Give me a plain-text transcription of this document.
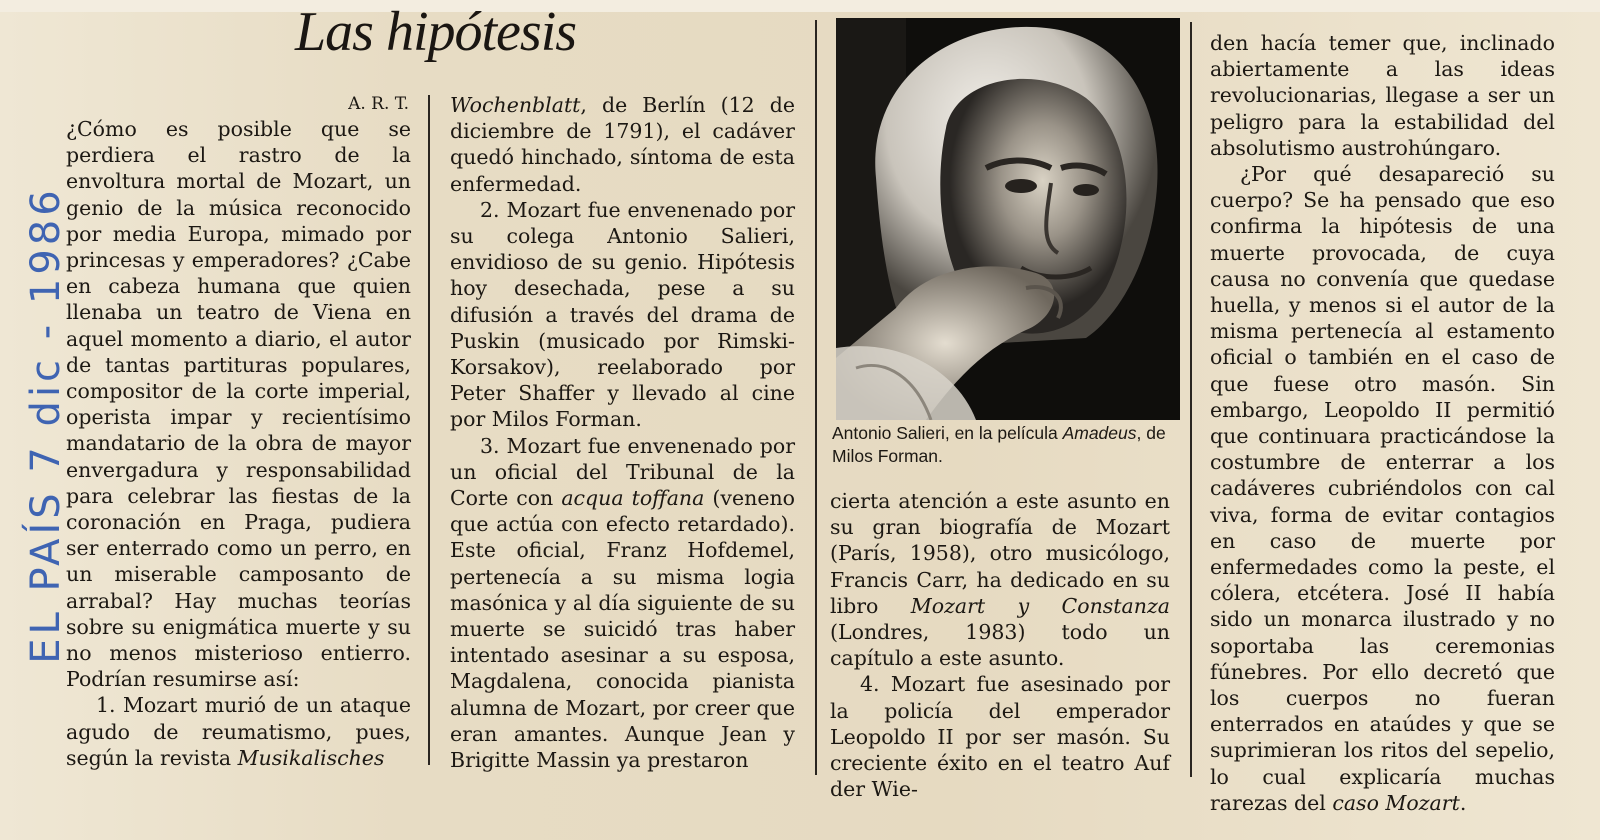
Las hipótesis
EL PAÍS 7 dic - 1986
A. R. T.

¿Cómo es posible que se perdiera el rastro de la envoltura mortal de Mozart, un genio de la música reconocido por media Europa, mimado por princesas y emperadores? ¿Cabe en cabeza humana que quien llenaba un teatro de Viena en aquel momento a diario, el autor de tantas partituras populares, compositor de la corte imperial, operista impar y recientísimo mandatario de la obra de mayor envergadura y responsabilidad para celebrar las fiestas de la coronación en Praga, pudiera ser enterrado como un perro, en un miserable camposanto de arrabal? Hay muchas teorías sobre su enigmática muerte y su no menos misterioso entierro. Podrían resumirse así:

1. Mozart murió de un ataque agudo de reumatismo, pues, según la revista Musikalisches

Wochenblatt, de Berlín (12 de diciembre de 1791), el cadáver quedó hinchado, síntoma de esta enfermedad.

2. Mozart fue envenenado por su colega Antonio Salieri, envidioso de su genio. Hipótesis hoy desechada, pese a su difusión a través del drama de Puskin (musicado por Rimski-Korsakov), reelaborado por Peter Shaffer y llevado al cine por Milos Forman.

3. Mozart fue envenenado por un oficial del Tribunal de la Corte con acqua toffana (veneno que actúa con efecto retardado). Este oficial, Franz Hofdemel, pertenecía a su misma logia masónica y al día siguiente de su muerte se suicidó tras haber intentado asesinar a su esposa, Magdalena, conocida pianista alumna de Mozart, por creer que eran amantes. Aunque Jean y Brigitte Massin ya prestaron

Antonio Salieri, en la película Amadeus, de Milos Forman.

cierta atención a este asunto en su gran biografía de Mozart (París, 1958), otro musicólogo, Francis Carr, ha dedicado en su libro Mozart y Constanza (Londres, 1983) todo un capítulo a este asunto.

4. Mozart fue asesinado por la policía del emperador Leopoldo II por ser masón. Su creciente éxito en el teatro Auf der Wie-

den hacía temer que, inclinado abiertamente a las ideas revolucionarias, llegase a ser un peligro para la estabilidad del absolutismo austrohúngaro.

¿Por qué desapareció su cuerpo? Se ha pensado que eso confirma la hipótesis de una muerte provocada, de cuya causa no convenía que quedase huella, y menos si el autor de la misma pertenecía al estamento oficial o también en el caso de que fuese otro masón. Sin embargo, Leopoldo II permitió que continuara practicándose la costumbre de enterrar a los cadáveres cubriéndolos con cal viva, forma de evitar contagios en caso de muerte por enfermedades como la peste, el cólera, etcétera. José II había sido un monarca ilustrado y no soportaba las ceremonias fúnebres. Por ello decretó que los cuerpos no fueran enterrados en ataúdes y que se suprimieran los ritos del sepelio, lo cual explicaría muchas rarezas del caso Mozart.
